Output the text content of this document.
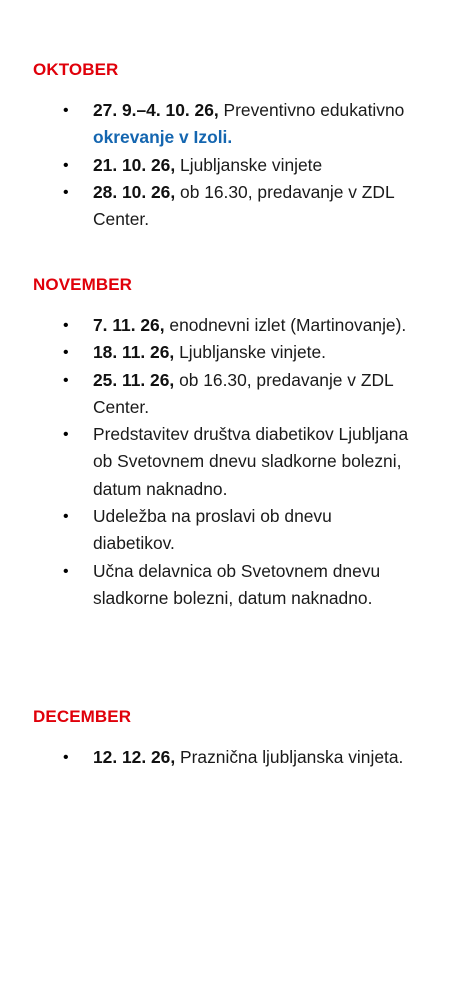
OKTOBER
• 27. 9.–4. 10. 26, Preventivno edukativno okrevanje v Izoli.
• 21. 10. 26, Ljubljanske vinjete
• 28. 10. 26, ob 16.30, predavanje v ZDL Center.
NOVEMBER
• 7. 11. 26, enodnevni izlet (Martinovanje).
• 18. 11. 26, Ljubljanske vinjete.
• 25. 11. 26, ob 16.30, predavanje v ZDL Center.
• Predstavitev društva diabetikov Ljubljana ob Svetovnem dnevu sladkorne bolezni, datum naknadno.
• Udeležba na proslavi ob dnevu diabetikov.
• Učna delavnica ob Svetovnem dnevu sladkorne bolezni, datum naknadno.
DECEMBER
• 12. 12. 26, Praznična ljubljanska vinjeta.
